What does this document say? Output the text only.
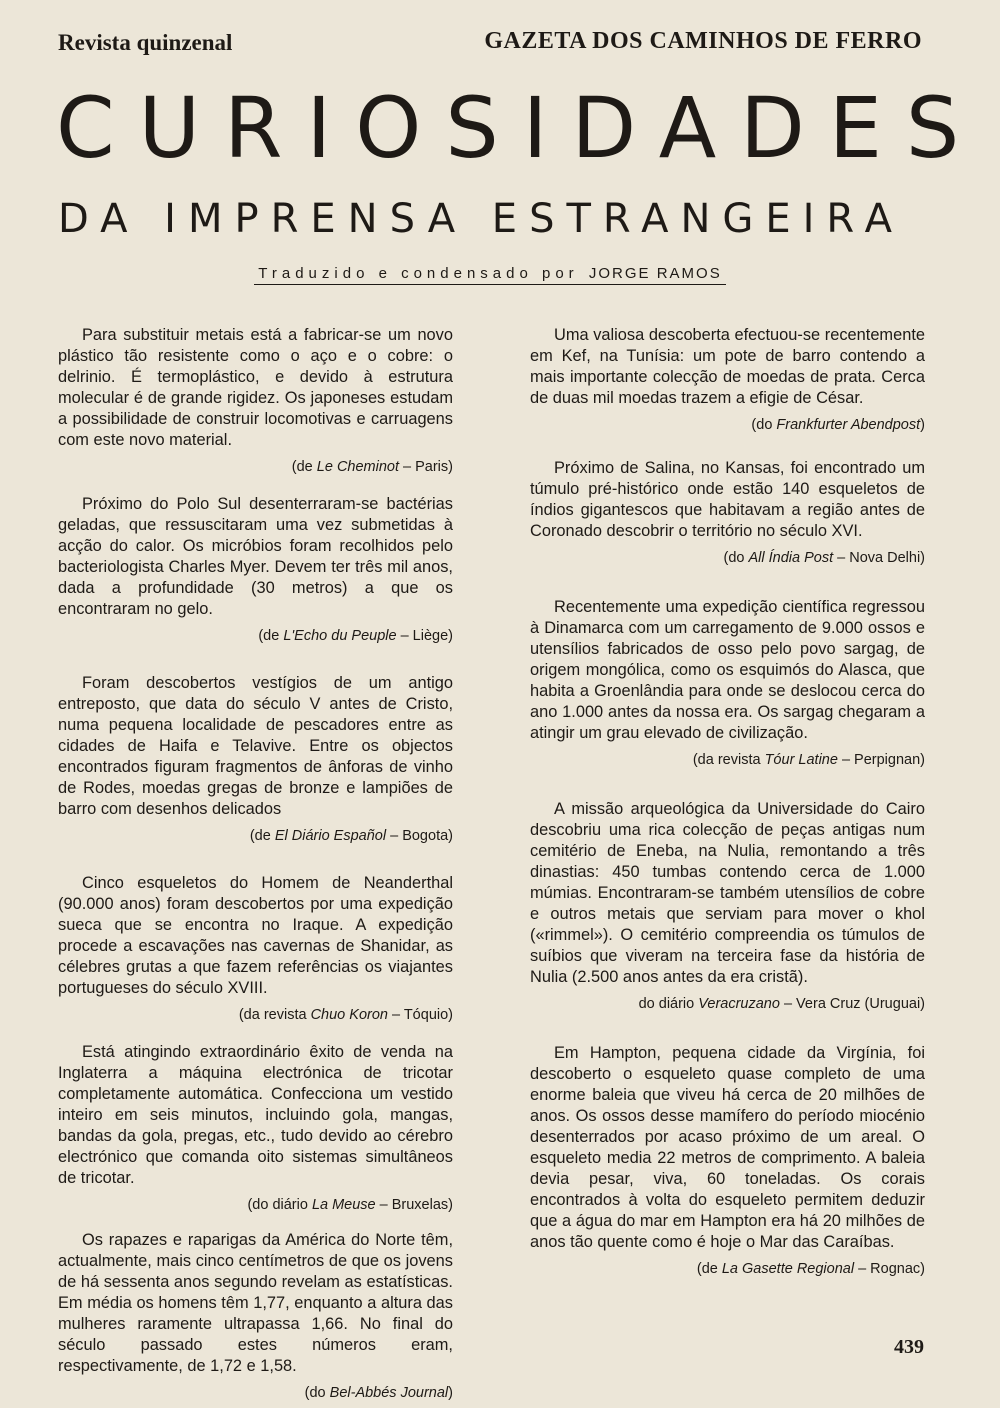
Revista quinzenal	GAZETA DOS CAMINHOS DE FERRO
CURIOSIDADES
DA IMPRENSA ESTRANGEIRA
Traduzido e condensado por JORGE RAMOS

Para substituir metais está a fabricar-se um novo plástico tão resistente como o aço e o cobre: o delrinio. É termoplástico, e devido à estrutura molecular é de grande rigidez. Os japoneses estudam a possibilidade de construir locomotivas e carruagens com este novo material.

(de Le Cheminot – Paris)

Próximo do Polo Sul desenterraram-se bactérias geladas, que ressuscitaram uma vez submetidas à acção do calor. Os micróbios foram recolhidos pelo bacteriologista Charles Myer. Devem ter três mil anos, dada a profundidade (30 metros) a que os encontraram no gelo.

(de L'Echo du Peuple – Liège)

Foram descobertos vestígios de um antigo entreposto, que data do século V antes de Cristo, numa pequena localidade de pescadores entre as cidades de Haifa e Telavive. Entre os objectos encontrados figuram fragmentos de ânforas de vinho de Rodes, moedas gregas de bronze e lampiões de barro com desenhos delicados

(de El Diário Español – Bogota)

Cinco esqueletos do Homem de Neanderthal (90.000 anos) foram descobertos por uma expedição sueca que se encontra no Iraque. A expedição procede a escavações nas cavernas de Shanidar, as célebres grutas a que fazem referências os viajantes portugueses do século XVIII.

(da revista Chuo Koron – Tóquio)

Está atingindo extraordinário êxito de venda na Inglaterra a máquina electrónica de tricotar completamente automática. Confecciona um vestido inteiro em seis minutos, incluindo gola, mangas, bandas da gola, pregas, etc., tudo devido ao cérebro electrónico que comanda oito sistemas simultâneos de tricotar.

(do diário La Meuse – Bruxelas)

Os rapazes e raparigas da América do Norte têm, actualmente, mais cinco centímetros de que os jovens de há sessenta anos segundo revelam as estatísticas. Em média os homens têm 1,77, enquanto a altura das mulheres raramente ultrapassa 1,66. No final do século passado estes números eram, respectivamente, de 1,72 e 1,58.

(do Bel-Abbés Journal)

Uma valiosa descoberta efectuou-se recentemente em Kef, na Tunísia: um pote de barro contendo a mais importante colecção de moedas de prata. Cerca de duas mil moedas trazem a efigie de César.

(do Frankfurter Abendpost)

Próximo de Salina, no Kansas, foi encontrado um túmulo pré-histórico onde estão 140 esqueletos de índios gigantescos que habitavam a região antes de Coronado descobrir o território no século XVI.

(do All Índia Post – Nova Delhi)

Recentemente uma expedição científica regressou à Dinamarca com um carregamento de 9.000 ossos e utensílios fabricados de osso pelo povo sargag, de origem mongólica, como os esquimós do Alasca, que habita a Groenlândia para onde se deslocou cerca do ano 1.000 antes da nossa era. Os sargag chegaram a atingir um grau elevado de civilização.

(da revista Tóur Latine – Perpignan)

A missão arqueológica da Universidade do Cairo descobriu uma rica colecção de peças antigas num cemitério de Eneba, na Nulia, remontando a três dinastias: 450 tumbas contendo cerca de 1.000 múmias. Encontraram-se também utensílios de cobre e outros metais que serviam para mover o khol («rimmel»). O cemitério compreendia os túmulos de suíbios que viveram na terceira fase da história de Nulia (2.500 anos antes da era cristã).

do diário Veracruzano – Vera Cruz (Uruguai)

Em Hampton, pequena cidade da Virgínia, foi descoberto o esqueleto quase completo de uma enorme baleia que viveu há cerca de 20 milhões de anos. Os ossos desse mamífero do período miocénio desenterrados por acaso próximo de um areal. O esqueleto media 22 metros de comprimento. A baleia devia pesar, viva, 60 toneladas. Os corais encontrados à volta do esqueleto permitem deduzir que a água do mar em Hampton era há 20 milhões de anos tão quente como é hoje o Mar das Caraíbas.

(de La Gasette Regional – Rognac)
439
